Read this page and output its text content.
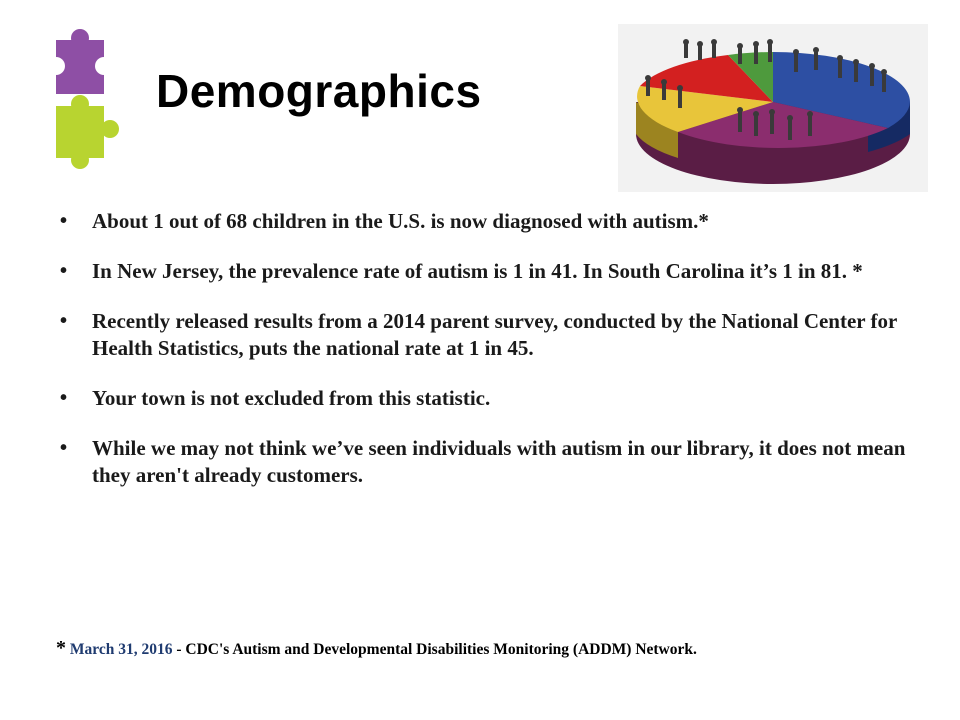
Demographics
• About 1 out of 68 children in the U.S. is now diagnosed with autism.*
• In New Jersey, the prevalence rate of autism is 1 in 41. In South Carolina it’s 1 in 81. *
• Recently released results from a 2014 parent survey, conducted by the National Center for Health Statistics, puts the national rate at 1 in 45.
• Your town is not excluded from this statistic.
• While we may not think we’ve seen individuals with autism in our library, it does not mean they aren't already customers.
* March 31, 2016 - CDC's Autism and Developmental Disabilities Monitoring (ADDM) Network.
